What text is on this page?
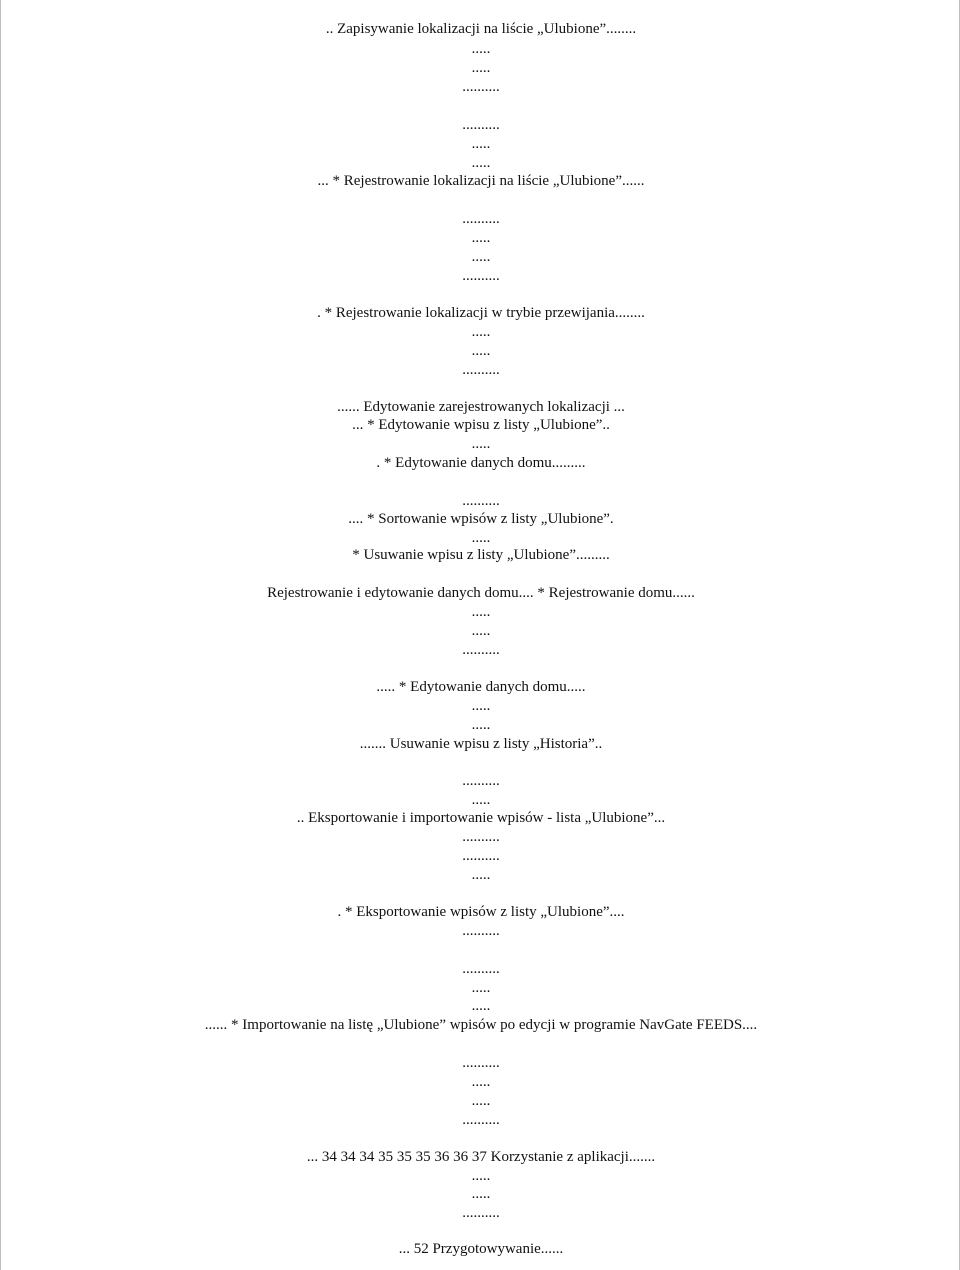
.. Zapisywanie lokalizacji na liście „Ulubione”........
.....
.....
..........
..........
.....
.....
... * Rejestrowanie lokalizacji na liście „Ulubione”......
..........
.....
.....
..........
. * Rejestrowanie lokalizacji w trybie przewijania........
.....
.....
..........
...... Edytowanie zarejestrowanych lokalizacji ...
... * Edytowanie wpisu z listy „Ulubione”..
.....
. * Edytowanie danych domu.........
..........
.... * Sortowanie wpisów z listy „Ulubione”.
.....
* Usuwanie wpisu z listy „Ulubione”.........
Rejestrowanie i edytowanie danych domu.... * Rejestrowanie domu......
.....
.....
..........
..... * Edytowanie danych domu.....
.....
.....
....... Usuwanie wpisu z listy „Historia”..
..........
.....
.. Eksportowanie i importowanie wpisów - lista „Ulubione”...
..........
..........
.....
. * Eksportowanie wpisów z listy „Ulubione”....
..........
..........
.....
.....
...... * Importowanie na listę „Ulubione” wpisów po edycji w programie NavGate FEEDS....
..........
.....
.....
..........
... 34 34 34 35 35 35 36 36 37 Korzystanie z aplikacji.......
.....
.....
..........
... 52 Przygotowywanie......
